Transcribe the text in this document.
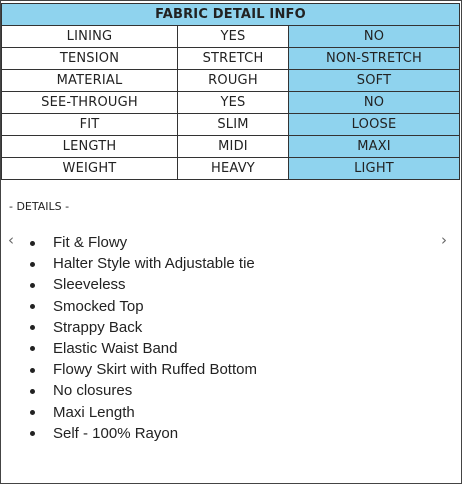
FABRIC DETAIL INFO		
LINING	YES	NO
TENSION	STRETCH	NON-STRETCH
MATERIAL	ROUGH	SOFT
SEE-THROUGH	YES	NO
FIT	SLIM	LOOSE
LENGTH	MIDI	MAXI
WEIGHT	HEAVY	LIGHT
- DETAILS -
‹	›
Fit & Flowy
Halter Style with Adjustable tie
Sleeveless
Smocked Top
Strappy Back
Elastic Waist Band
Flowy Skirt with Ruffed Bottom
No closures
Maxi Length
Self - 100% Rayon
